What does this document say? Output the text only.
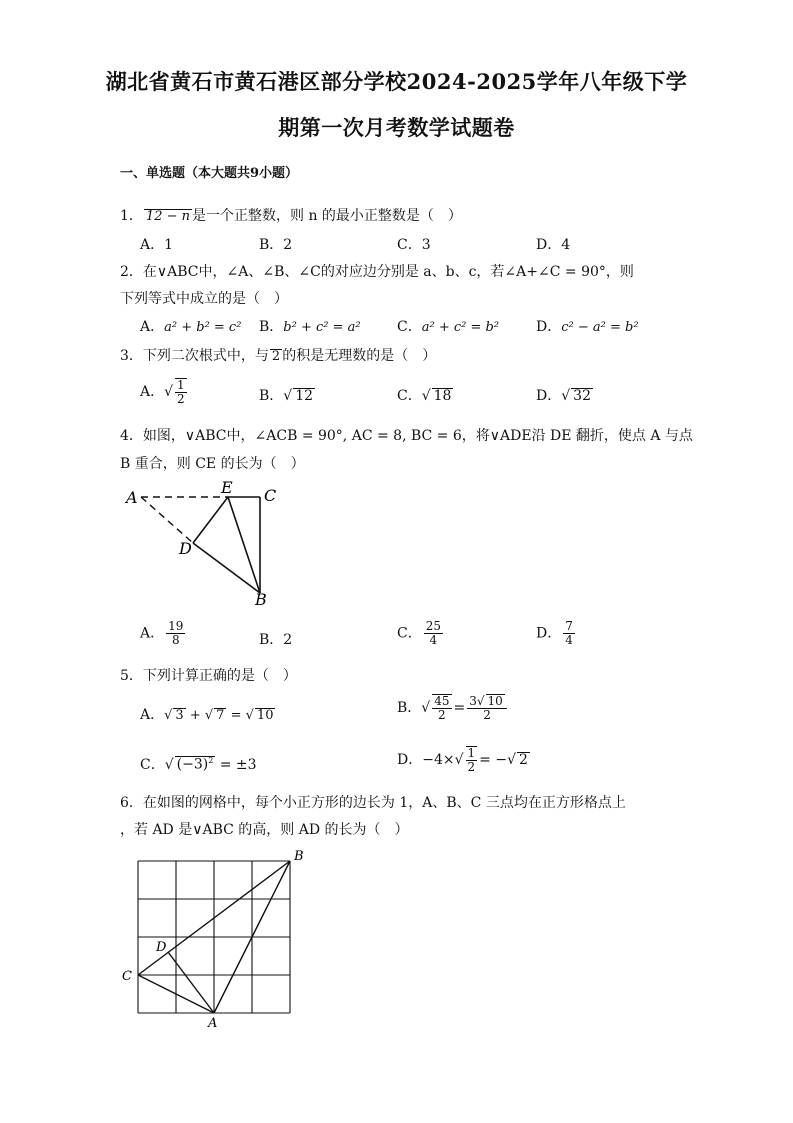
湖北省黄石市黄石港区部分学校2024-2025学年八年级下学
期第一次月考数学试题卷
一、单选题（本大题共9小题）
1． 12 − n 是一个正整数，则 n 的最小正整数是（　）
A．1	B．2	C．3	D．4
2．在∨ABC中，∠A、∠B、∠C的对应边分别是 a、b、c，若∠A+∠C = 90°，则
下列等式中成立的是（　）
A．a² + b² = c² B．b² + c² = a²	C．a² + c² = b²	D．c² − a² = b²
3．下列二次根式中，与 2 的积是无理数的是（　）
A．√ $\frac{1}{2}$	B．√ 12	C．√ 18	D．√ 32
4．如图，∨ABC中，∠ACB = 90°, AC = 8, BC = 6，将∨ADE沿 DE 翻折，使点 A 与点
B 重合，则 CE 的长为（　）
A
E C
D
B
A． $\frac{19}{8}$	B．2	C． $\frac{25}{4}$	D． $\frac{7}{4}$
5．下列计算正确的是（　）
A．√ 3 + √ 7 = √ 10	B．√ $\frac{45}{2} = \frac{3√ 10}{2}$
C．√ $(-3)^2 = \pm 3$	D．$-4\times√ \frac{1}{2}$ = −√ 2
6．在如图的网格中，每个小正方形的边长为 1，A、B、C 三点均在正方形格点上
，若 AD 是∨ABC 的高，则 AD 的长为（　）
B
C
D
A
